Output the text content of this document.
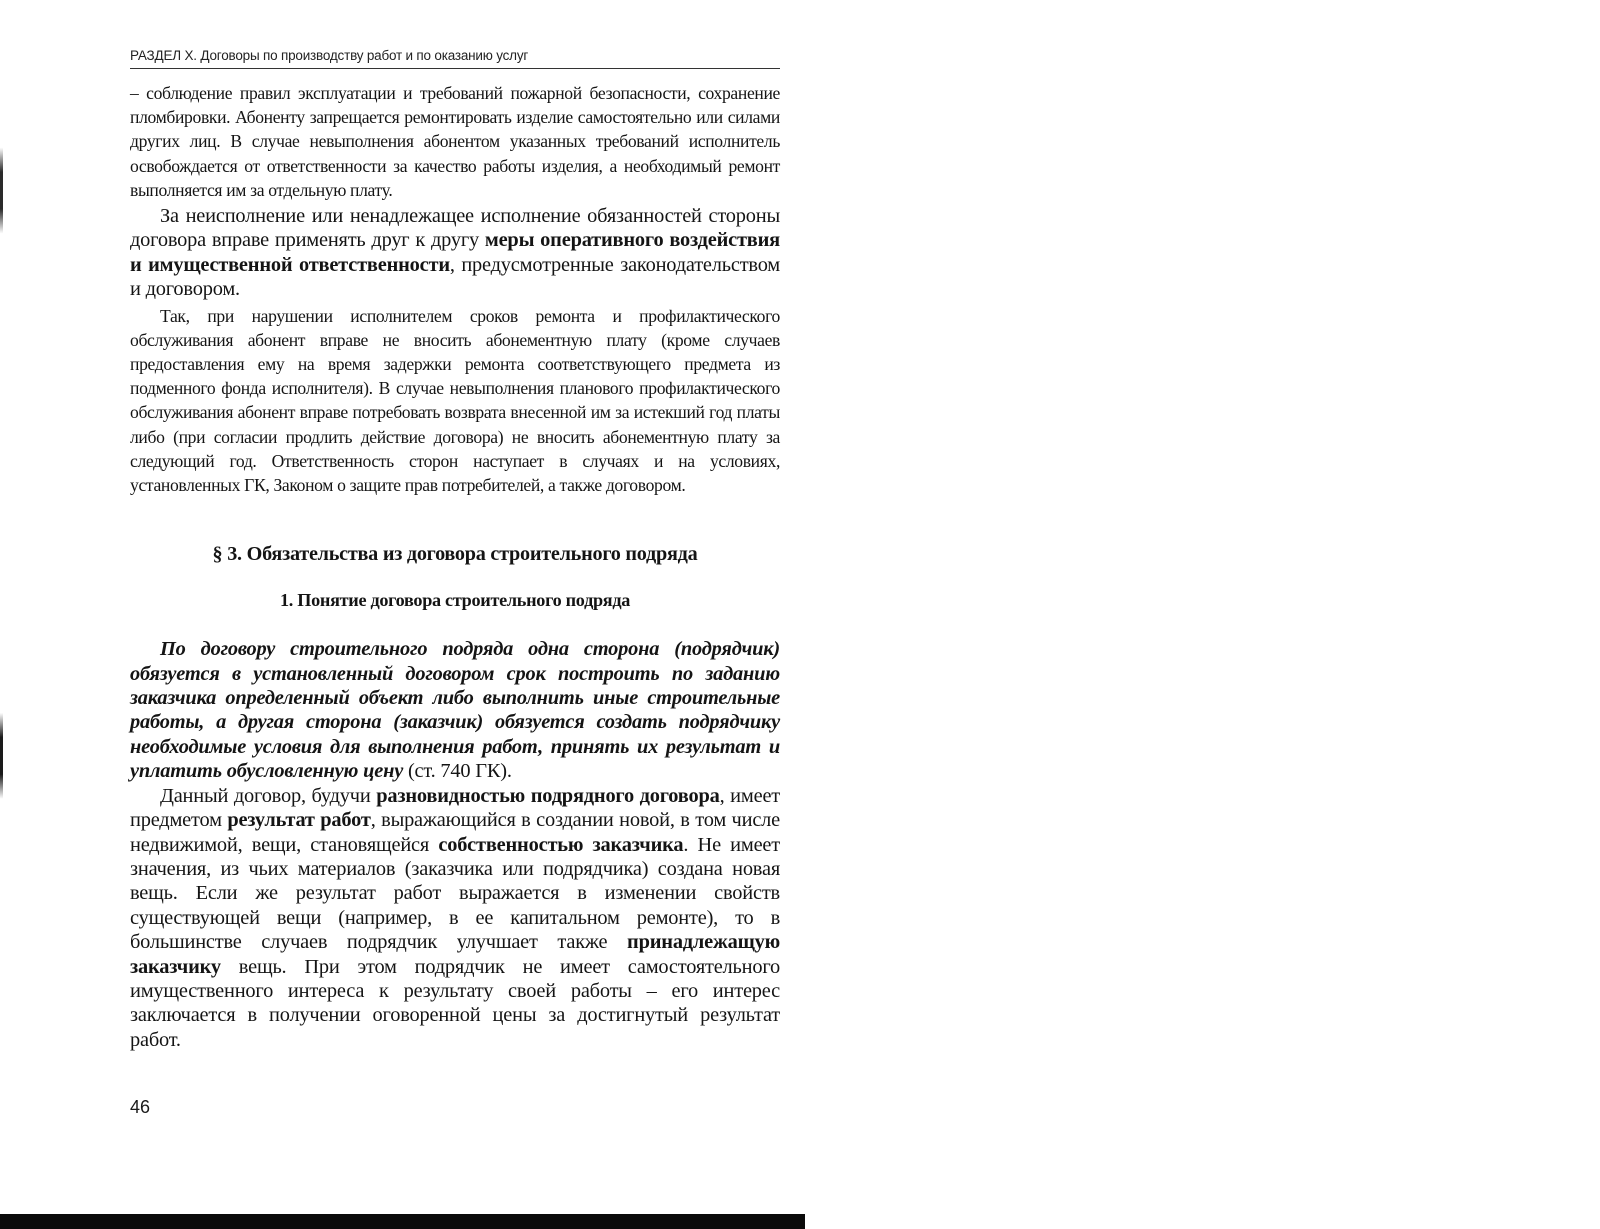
РАЗДЕЛ X. Договоры по производству работ и по оказанию услуг

– соблюдение правил эксплуатации и требований пожарной безопасности, сохранение пломбировки. Абоненту запрещается ремонтировать изделие самостоятельно или силами других лиц. В случае невыполнения абонентом указанных требований исполнитель освобождается от ответственности за качество работы изделия, а необходимый ремонт выполняется им за отдельную плату.

За неисполнение или ненадлежащее исполнение обязанностей стороны договора вправе применять друг к другу меры оперативного воздействия и имущественной ответственности, предусмотренные законодательством и договором.

Так, при нарушении исполнителем сроков ремонта и профилактического обслуживания абонент вправе не вносить абонементную плату (кроме случаев предоставления ему на время задержки ремонта соответствующего предмета из подменного фонда исполнителя). В случае невыполнения планового профилактического обслуживания абонент вправе потребовать возврата внесенной им за истекший год платы либо (при согласии продлить действие договора) не вносить абонементную плату за следующий год. Ответственность сторон наступает в случаях и на условиях, установленных ГК, Законом о защите прав потребителей, а также договором.

§ 3. Обязательства из договора строительного подряда
1. Понятие договора строительного подряда

По договору строительного подряда одна сторона (подрядчик) обязуется в установленный договором срок построить по заданию заказчика определенный объект либо выполнить иные строительные работы, а другая сторона (заказчик) обязуется создать подрядчику необходимые условия для выполнения работ, принять их результат и уплатить обусловленную цену (ст. 740 ГК).

Данный договор, будучи разновидностью подрядного договора, имеет предметом результат работ, выражающийся в создании новой, в том числе недвижимой, вещи, становящейся собственностью заказчика. Не имеет значения, из чьих материалов (заказчика или подрядчика) создана новая вещь. Если же результат работ выражается в изменении свойств существующей вещи (например, в ее капитальном ремонте), то в большинстве случаев подрядчик улучшает также принадлежащую заказчику вещь. При этом подрядчик не имеет самостоятельного имущественного интереса к результату своей работы – его интерес заключается в получении оговоренной цены за достигнутый результат работ.

46
